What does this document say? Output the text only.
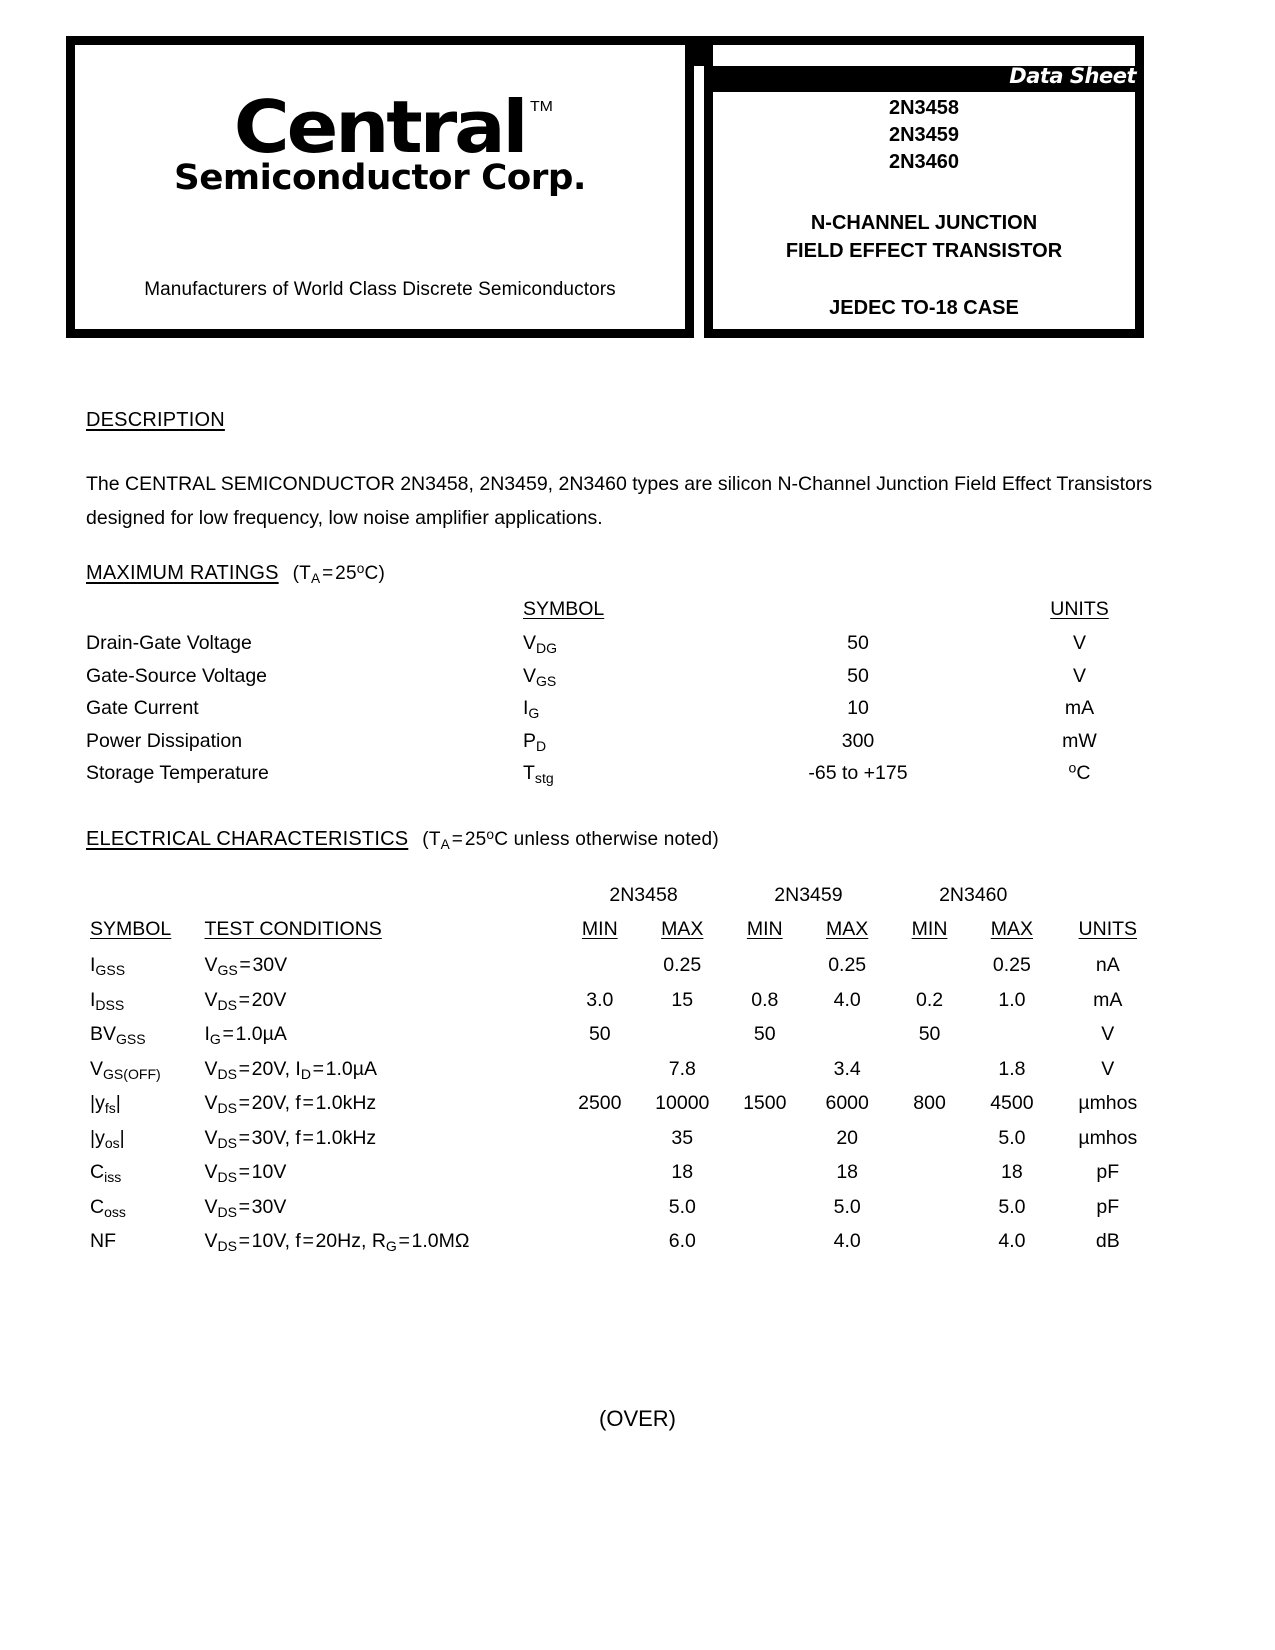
Central TM
Semiconductor Corp.
Manufacturers of World Class Discrete Semiconductors
2N3458
2N3459
2N3460
N-CHANNEL JUNCTION
FIELD EFFECT TRANSISTOR
JEDEC TO-18 CASE
Data Sheet
DESCRIPTION
The CENTRAL SEMICONDUCTOR 2N3458, 2N3459, 2N3460 types are silicon N-Channel Junction Field Effect Transistors designed for low frequency, low noise amplifier applications.
MAXIMUM RATINGS ($T_A$ = $25^oC$)
	SYMBOL		UNITS
Drain-Gate Voltage	$V_{DG}$	50	V
Gate-Source Voltage	$V_{GS}$	50	V
Gate Current	$I_G$	10	mA
Power Dissipation	$P_D$	300	mW
Storage Temperature	$T_{stg}$	-65 to +175	$^o$C
ELECTRICAL CHARACTERISTICS ($T_A$ = $25^oC$ unless otherwise noted)
		2N3458		2N3459		2N3460		
SYMBOL	TEST CONDITIONS	MIN	MAX	MIN	MAX	MIN	MAX	UNITS
$I_{GSS}$	$V_{GS}$ = 30V		0.25		0.25		0.25	nA
$I_{DSS}$	$V_{DS}$ = 20V	3.0	15	0.8	4.0	0.2	1.0	mA
$BV_{GSS}$	$I_G$ = 1.0µA	50		50		50		V
$V_{GS(OFF)}$	$V_{DS}$ = 20V, $I_D$ = 1.0µA		7.8		3.4		1.8	V
$|y_{fs}|$	$V_{DS}$ = 20V, f = 1.0kHz	2500	10000	1500	6000	800	4500	µmhos
$|y_{os}|$	$V_{DS}$ = 30V, f = 1.0kHz		35		20		5.0	µmhos
$C_{iss}$	$V_{DS}$ = 10V		18		18		18	pF
$C_{oss}$	$V_{DS}$ = 30V		5.0		5.0		5.0	pF
NF	$V_{DS}$ = 10V, f = 20Hz, $R_G$ = 1.0MΩ		6.0		4.0		4.0	dB
(OVER)
